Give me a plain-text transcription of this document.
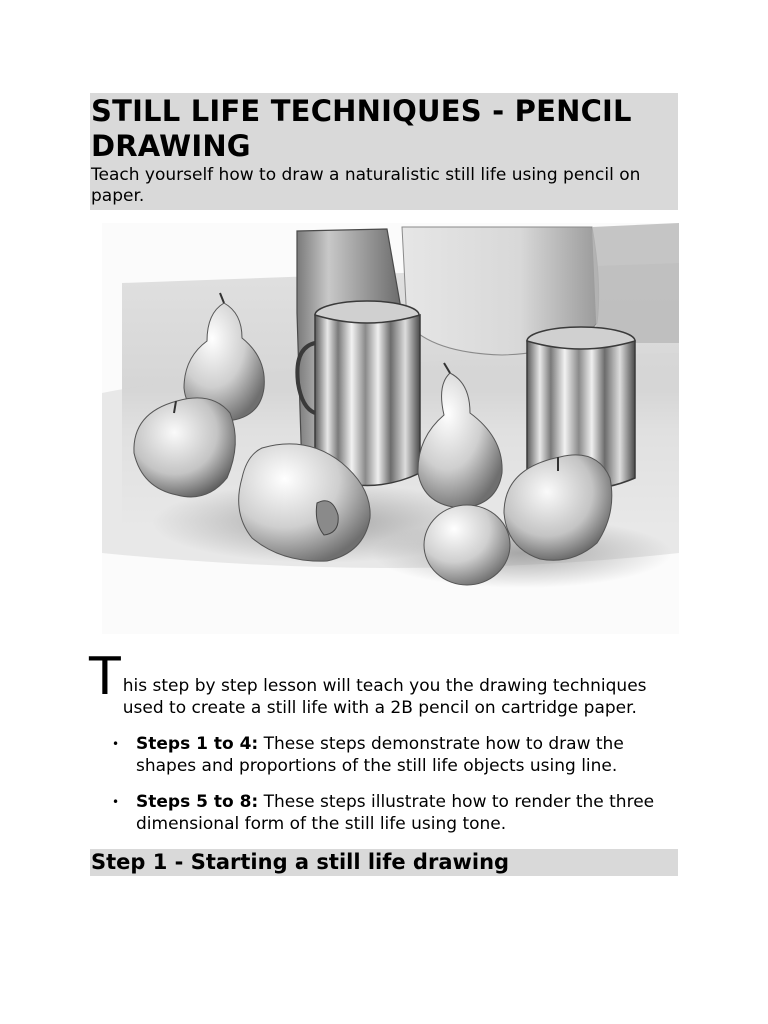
STILL LIFE TECHNIQUES - PENCIL DRAWING

Teach yourself how to draw a naturalistic still life using pencil on paper.

T his step by step lesson will teach you the drawing techniques used to create a still life with a 2B pencil on cartridge paper.
• Steps 1 to 4: These steps demonstrate how to draw the shapes and proportions of the still life objects using line.
• Steps 5 to 8: These steps illustrate how to render the three dimensional form of the still life using tone.
Step 1 - Starting a still life drawing
